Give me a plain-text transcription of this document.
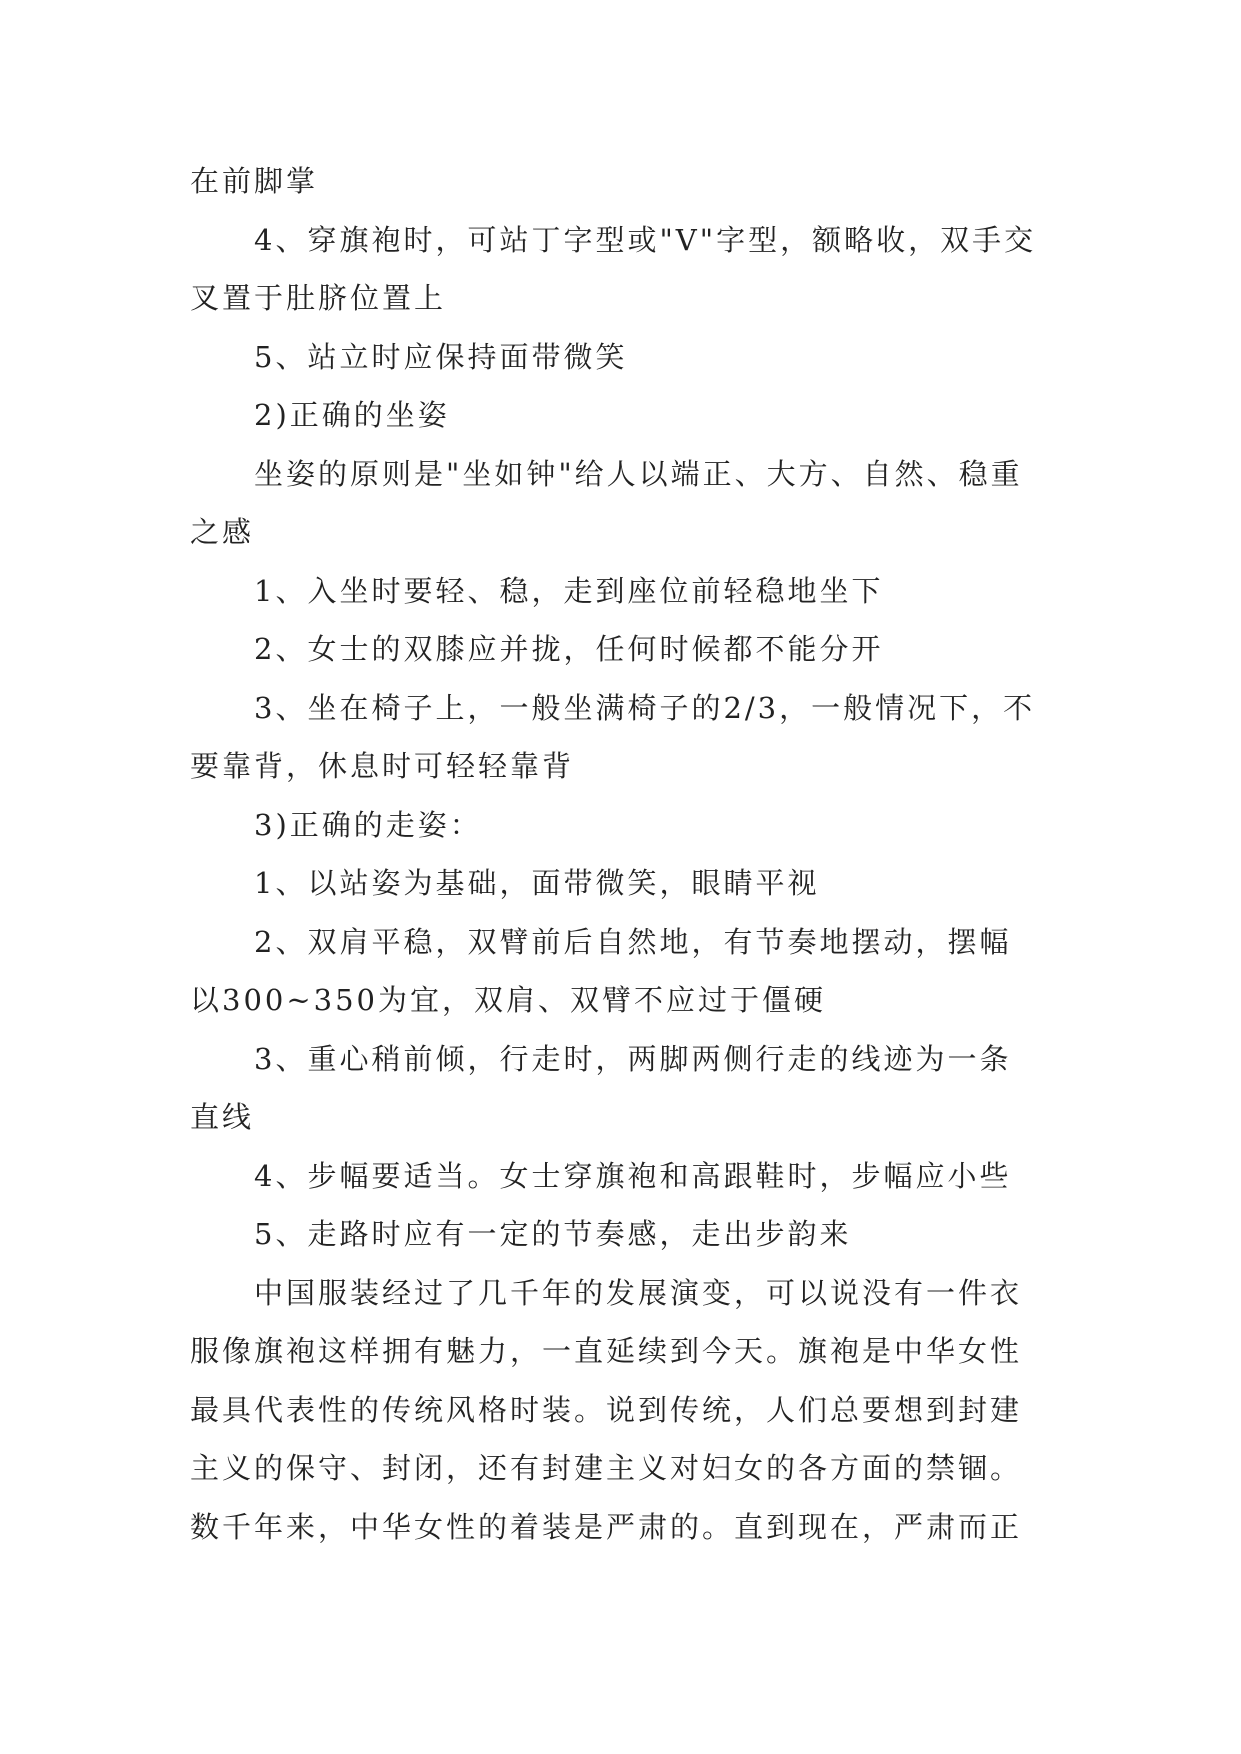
在前脚掌
4、穿旗袍时，可站丁字型或"V"字型，额略收，双手交
叉置于肚脐位置上
5、站立时应保持面带微笑
2)正确的坐姿
坐姿的原则是"坐如钟"给人以端正、大方、自然、稳重
之感
1、入坐时要轻、稳，走到座位前轻稳地坐下
2、女士的双膝应并拢，任何时候都不能分开
3、坐在椅子上，一般坐满椅子的2/3，一般情况下，不
要靠背，休息时可轻轻靠背
3)正确的走姿：
1、以站姿为基础，面带微笑，眼睛平视
2、双肩平稳，双臂前后自然地，有节奏地摆动，摆幅
以300~350为宜，双肩、双臂不应过于僵硬
3、重心稍前倾，行走时，两脚两侧行走的线迹为一条
直线
4、步幅要适当。女士穿旗袍和高跟鞋时，步幅应小些
5、走路时应有一定的节奏感，走出步韵来
中国服装经过了几千年的发展演变，可以说没有一件衣
服像旗袍这样拥有魅力，一直延续到今天。旗袍是中华女性
最具代表性的传统风格时装。说到传统，人们总要想到封建
主义的保守、封闭，还有封建主义对妇女的各方面的禁锢。
数千年来，中华女性的着装是严肃的。直到现在，严肃而正
